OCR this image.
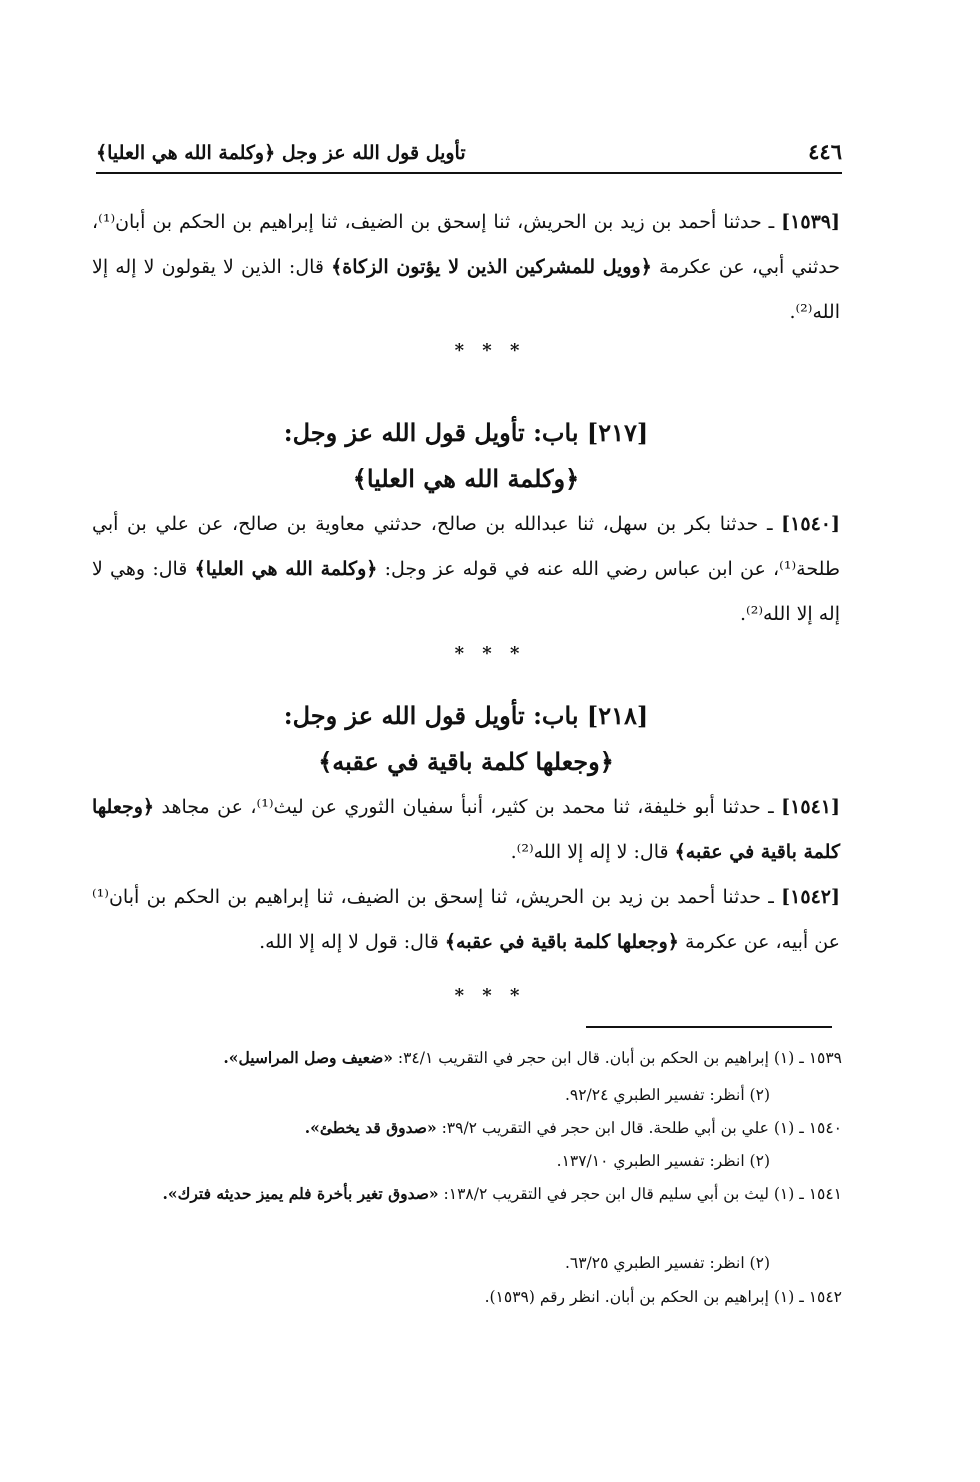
تأويل قول الله عز وجل ﴿وكلمة الله هي العليا﴾	٤٤٦
[١٥٣٩] ـ حدثنا أحمد بن زيد بن الحريش، ثنا إسحق بن الضيف، ثنا إبراهيم بن الحكم بن أبان⁽¹⁾، حدثني أبي، عن عكرمة ﴿وويل للمشركين الذين لا يؤتون الزكاة﴾ قال: الذين لا يقولون لا إله إلا الله⁽²⁾.
* * *
[٢١٧] باب: تأويل قول الله عز وجل:
﴿وكلمة الله هي العليا﴾
[١٥٤٠] ـ حدثنا بكر بن سهل، ثنا عبدالله بن صالح، حدثني معاوية بن صالح، عن علي بن أبي طلحة⁽¹⁾، عن ابن عباس رضي الله عنه في قوله عز وجل: ﴿وكلمة الله هي العليا﴾ قال: وهي لا إله إلا الله⁽²⁾.
* * *
[٢١٨] باب: تأويل قول الله عز وجل:
﴿وجعلها كلمة باقية في عقبه﴾
[١٥٤١] ـ حدثنا أبو خليفة، ثنا محمد بن كثير، أنبأ سفيان الثوري عن ليث⁽¹⁾، عن مجاهد ﴿وجعلها كلمة باقية في عقبه﴾ قال: لا إله إلا الله⁽²⁾.
[١٥٤٢] ـ حدثنا أحمد بن زيد بن الحريش، ثنا إسحق بن الضيف، ثنا إبراهيم بن الحكم بن أبان⁽¹⁾ عن أبيه، عن عكرمة ﴿وجعلها كلمة باقية في عقبه﴾ قال: قول لا إله إلا الله.
* * *
١٥٣٩ ـ (١) إبراهيم بن الحكم بن أبان. قال ابن حجر في التقريب ٣٤/١: «ضعيف وصل المراسيل».
(٢) أنظر: تفسير الطبري ٩٢/٢٤.
١٥٤٠ ـ (١) علي بن أبي طلحة. قال ابن حجر في التقريب ٣٩/٢: «صدوق قد يخطئ».
(٢) انظر: تفسير الطبري ١٣٧/١٠.
١٥٤١ ـ (١) ليث بن أبي سليم قال ابن حجر في التقريب ١٣٨/٢: «صدوق تغير بأخرة فلم يميز حديثه فترك».
(٢) انظر: تفسير الطبري ٦٣/٢٥.
١٥٤٢ ـ (١) إبراهيم بن الحكم بن أبان. انظر رقم (١٥٣٩).
